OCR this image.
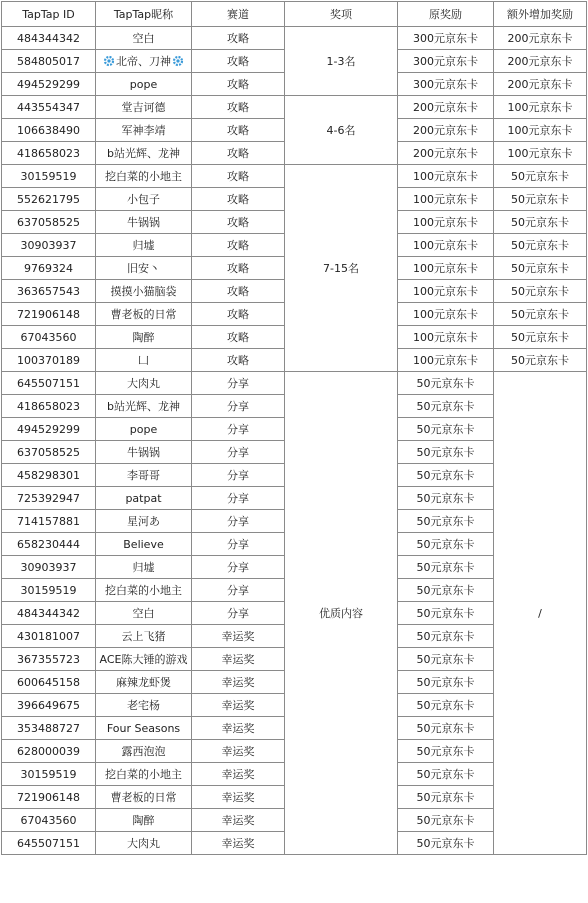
TapTap ID	TapTap昵称	赛道	奖项	原奖励	额外增加奖励
484344342	空白	攻略	1-3名	300元京东卡	200元京东卡
584805017	北帝、刀神	攻略		300元京东卡	200元京东卡
494529299	pope	攻略		300元京东卡	200元京东卡
443554347	堂吉诃德	攻略	4-6名	200元京东卡	100元京东卡
106638490	军神李靖	攻略		200元京东卡	100元京东卡
418658023	b站光辉、龙神	攻略		200元京东卡	100元京东卡
30159519	挖白菜的小地主	攻略	7-15名	100元京东卡	50元京东卡
552621795	小包子	攻略		100元京东卡	50元京东卡
637058525	牛锅锅	攻略		100元京东卡	50元京东卡
30903937	归墟	攻略		100元京东卡	50元京东卡
9769324	旧安丶	攻略		100元京东卡	50元京东卡
363657543	摸摸小猫脑袋	攻略		100元京东卡	50元京东卡
721906148	曹老板的日常	攻略		100元京东卡	50元京东卡
67043560	陶醉	攻略		100元京东卡	50元京东卡
100370189	凵	攻略		100元京东卡	50元京东卡
645507151	大肉丸	分享	优质内容	50元京东卡	/
418658023	b站光辉、龙神	分享		50元京东卡	
494529299	pope	分享		50元京东卡	
637058525	牛锅锅	分享		50元京东卡	
458298301	李哥哥	分享		50元京东卡	
725392947	patpat	分享		50元京东卡	
714157881	星河あ	分享		50元京东卡	
658230444	Believe	分享		50元京东卡	
30903937	归墟	分享		50元京东卡	
30159519	挖白菜的小地主	分享		50元京东卡	
484344342	空白	分享		50元京东卡	
430181007	云上飞猪	幸运奖		50元京东卡	
367355723	ACE陈大锤的游戏	幸运奖		50元京东卡	
600645158	麻辣龙虾煲	幸运奖		50元京东卡	
396649675	老宅杨	幸运奖		50元京东卡	
353488727	Four Seasons	幸运奖		50元京东卡	
628000039	露西泡泡	幸运奖		50元京东卡	
30159519	挖白菜的小地主	幸运奖		50元京东卡	
721906148	曹老板的日常	幸运奖		50元京东卡	
67043560	陶醉	幸运奖		50元京东卡	
645507151	大肉丸	幸运奖		50元京东卡	
